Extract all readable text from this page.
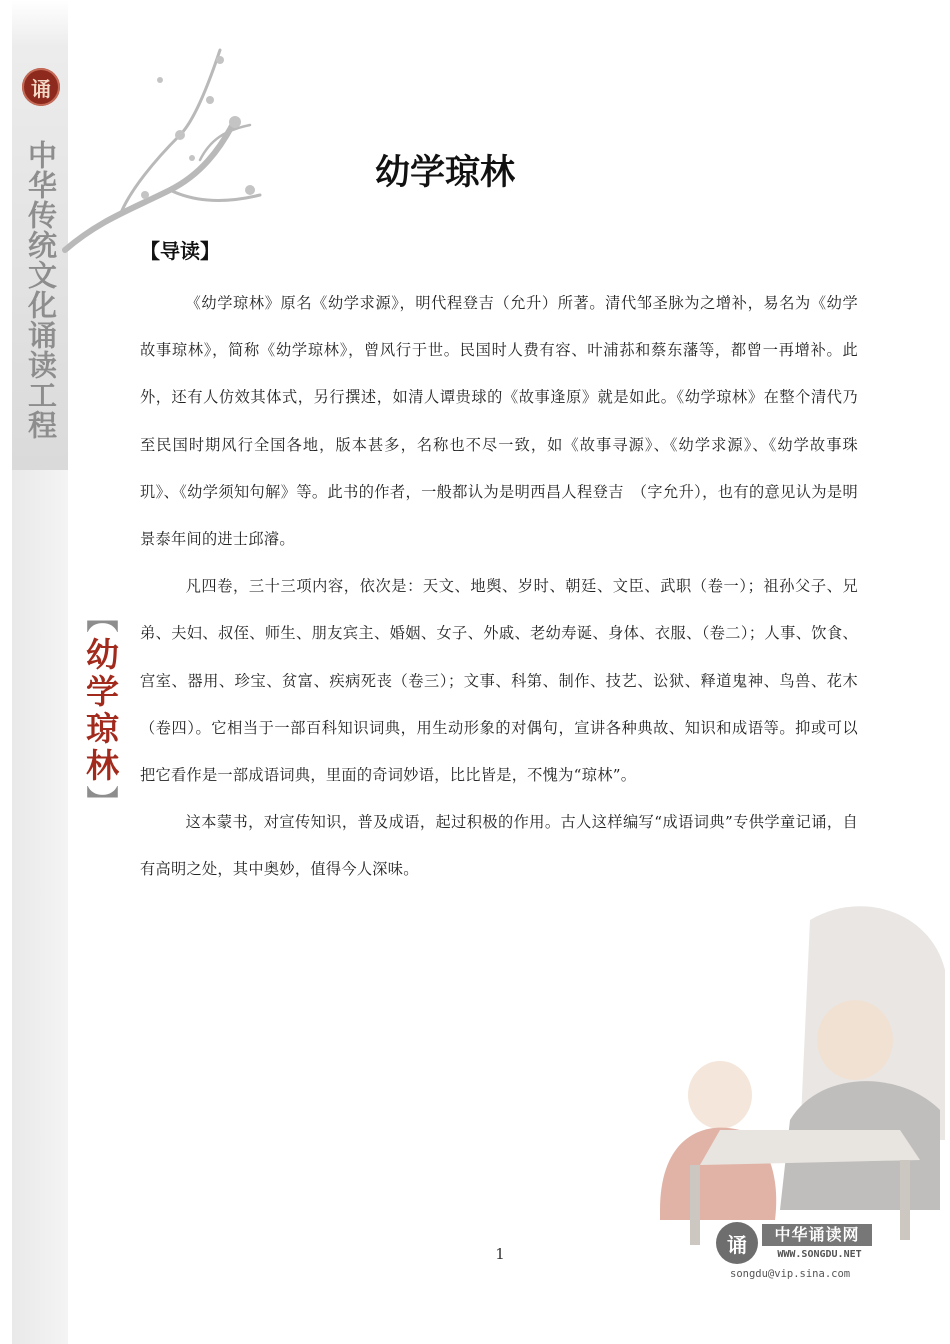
诵
中华传统文化诵读工程
【幼学琼林】
幼学琼林
【导读】

《幼学琼林》原名《幼学求源》，明代程登吉（允升）所著。清代邹圣脉为之增补，易名为《幼学故事琼林》，简称《幼学琼林》，曾风行于世。民国时人费有容、叶浦荪和蔡东藩等，都曾一再增补。此外，还有人仿效其体式，另行撰述，如清人谭贵球的《故事逢原》就是如此。《幼学琼林》在整个清代乃至民国时期风行全国各地，版本甚多，名称也不尽一致，如《故事寻源》、《幼学求源》、《幼学故事珠玑》、《幼学须知句解》等。此书的作者，一般都认为是明西昌人程登吉　（字允升），也有的意见认为是明景泰年间的进士邱濬。

凡四卷，三十三项内容，依次是：天文、地舆、岁时、朝廷、文臣、武职（卷一）；祖孙父子、兄弟、夫妇、叔侄、师生、朋友宾主、婚姻、女子、外戚、老幼寿诞、身体、衣服、（卷二）；人事、饮食、宫室、器用、珍宝、贫富、疾病死丧（卷三）；文事、科第、制作、技艺、讼狱、释道鬼神、鸟兽、花木（卷四）。它相当于一部百科知识词典，用生动形象的对偶句，宣讲各种典故、知识和成语等。抑或可以把它看作是一部成语词典，里面的奇词妙语，比比皆是，不愧为“琼林”。

这本蒙书，对宣传知识，普及成语，起过积极的作用。古人这样编写“成语词典”专供学童记诵，自有高明之处，其中奥妙，值得今人深味。

1	诵	中华诵读网
WWW.SONGDU.NET
songdu@vip.sina.com
